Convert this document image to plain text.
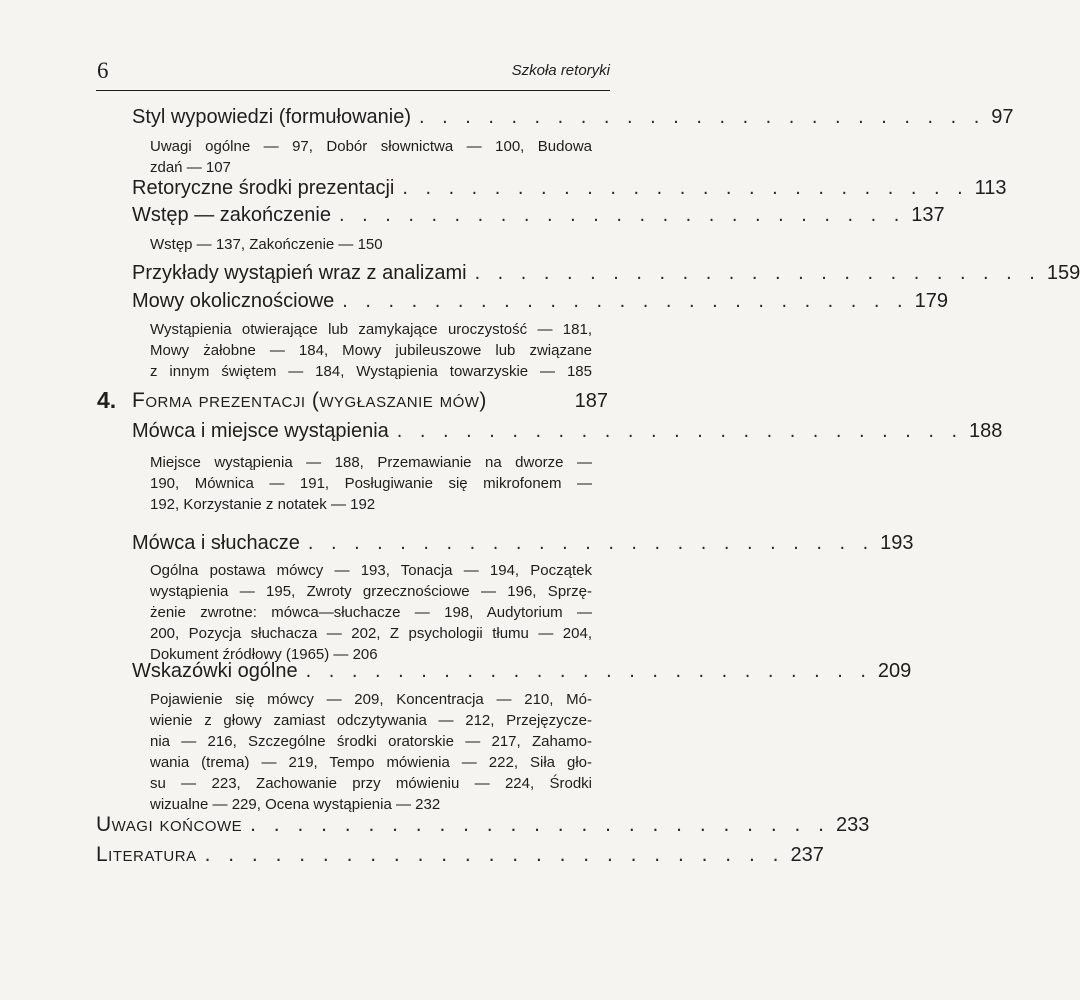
6	Szkoła retoryki
Styl wypowiedzi (formułowanie) . . . . . . . . . . . . . . . . . . . . . . . . . 97

Uwagi ogólne — 97, Dobór słownictwa — 100, Budowa

zdań — 107

Retoryczne środki prezentacji . . . . . . . . . . . . . . . . . . . . . . . . . 113
Wstęp — zakończenie . . . . . . . . . . . . . . . . . . . . . . . . . 137

Wstęp — 137, Zakończenie — 150

Przykłady wystąpień wraz z analizami . . . . . . . . . . . . . . . . . . . . . . . . . 159
Mowy okolicznościowe . . . . . . . . . . . . . . . . . . . . . . . . . 179

Wystąpienia otwierające lub zamykające uroczystość — 181,

Mowy żałobne — 184, Mowy jubileuszowe lub związane

z innym świętem — 184, Wystąpienia towarzyskie — 185

4. Forma prezentacji (wygłaszanie mów)	187
Mówca i miejsce wystąpienia . . . . . . . . . . . . . . . . . . . . . . . . . 188

Miejsce wystąpienia — 188, Przemawianie na dworze —

190, Mównica — 191, Posługiwanie się mikrofonem —

192, Korzystanie z notatek — 192

Mówca i słuchacze . . . . . . . . . . . . . . . . . . . . . . . . . 193

Ogólna postawa mówcy — 193, Tonacja — 194, Początek

wystąpienia — 195, Zwroty grzecznościowe — 196, Sprzę-

żenie zwrotne: mówca—słuchacze — 198, Audytorium —

200, Pozycja słuchacza — 202, Z psychologii tłumu — 204,

Dokument źródłowy (1965) — 206

Wskazówki ogólne . . . . . . . . . . . . . . . . . . . . . . . . . 209

Pojawienie się mówcy — 209, Koncentracja — 210, Mó-

wienie z głowy zamiast odczytywania — 212, Przejęzycze-

nia — 216, Szczególne środki oratorskie — 217, Zahamo-

wania (trema) — 219, Tempo mówienia — 222, Siła gło-

su — 223, Zachowanie przy mówieniu — 224, Środki

wizualne — 229, Ocena wystąpienia — 232

Uwagi końcowe . . . . . . . . . . . . . . . . . . . . . . . . . 233
Literatura . . . . . . . . . . . . . . . . . . . . . . . . . 237
